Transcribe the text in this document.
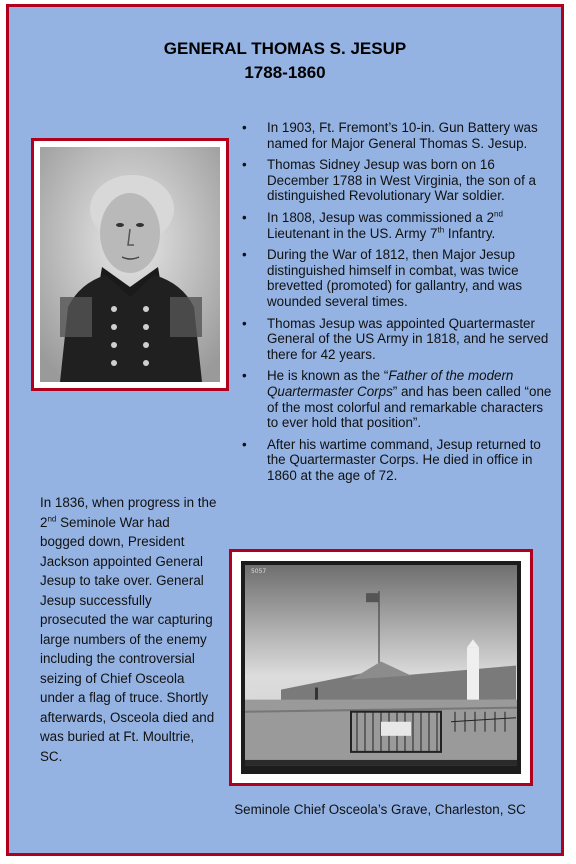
GENERAL THOMAS S. JESUP
1788-1860
• In 1903, Ft. Fremont’s 10-in. Gun Battery was named for Major General Thomas S. Jesup.
• Thomas Sidney Jesup was born on 16 December 1788 in West Virginia, the son of a distinguished Revolutionary War soldier.
• In 1808, Jesup was commissioned a 2nd Lieutenant in the US. Army 7th Infantry.
• During the War of 1812, then Major Jesup distinguished himself in combat, was twice brevetted (promoted) for gallantry, and was wounded several times.
• Thomas Jesup was appointed Quartermaster General of the US Army in 1818, and he served there for 42 years.
• He is known as the “Father of the modern Quartermaster Corps” and has been called “one of the most colorful and remarkable characters to ever hold that position”.
• After his wartime command, Jesup returned to the Quartermaster Corps. He died in office in 1860 at the age of 72.
In 1836, when progress in the 2nd Seminole War had bogged down, President Jackson appointed General Jesup to take over. General Jesup successfully prosecuted the war capturing large numbers of the enemy including the controversial seizing of Chief Osceola under a flag of truce. Shortly afterwards, Osceola died and was buried at Ft. Moultrie, SC.
5057
Seminole Chief Osceola’s Grave, Charleston, SC
